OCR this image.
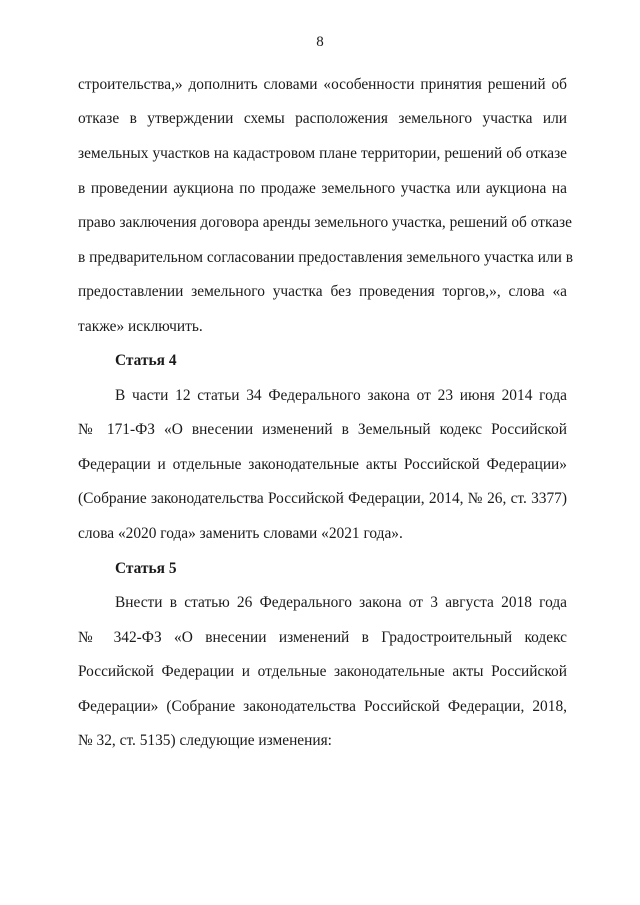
8
строительства,» дополнить словами «особенности принятия решений об
отказе в утверждении схемы расположения земельного участка или
земельных участков на кадастровом плане территории, решений об отказе
в проведении аукциона по продаже земельного участка или аукциона на
право заключения договора аренды земельного участка, решений об отказе
в предварительном согласовании предоставления земельного участка или в
предоставлении земельного участка без проведения торгов,», слова «а
также» исключить.
Статья 4
В части 12 статьи 34 Федерального закона от 23 июня 2014 года
№ 171-ФЗ «О внесении изменений в Земельный кодекс Российской
Федерации и отдельные законодательные акты Российской Федерации»
(Собрание законодательства Российской Федерации, 2014, № 26, ст. 3377)
слова «2020 года» заменить словами «2021 года».
Статья 5
Внести в статью 26 Федерального закона от 3 августа 2018 года
№ 342-ФЗ «О внесении изменений в Градостроительный кодекс
Российской Федерации и отдельные законодательные акты Российской
Федерации» (Собрание законодательства Российской Федерации, 2018,
№ 32, ст. 5135) следующие изменения:
